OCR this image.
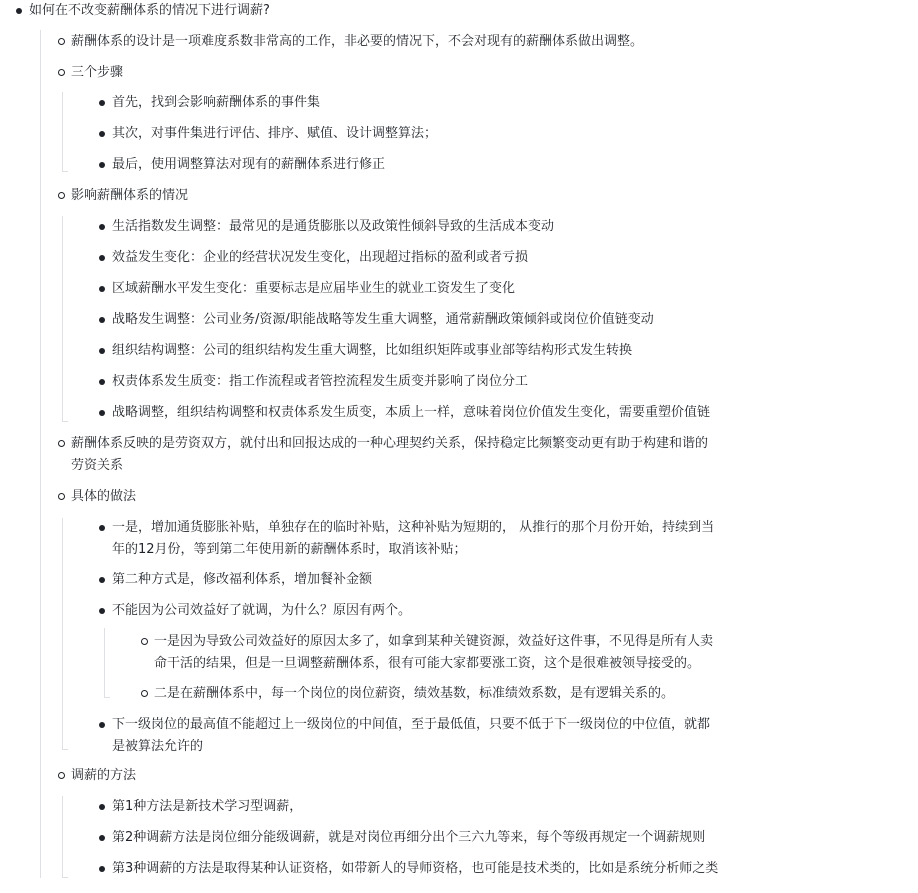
如何在不改变薪酬体系的情况下进行调薪?
薪酬体系的设计是一项难度系数非常高的工作，非必要的情况下，不会对现有的薪酬体系做出调整。
三个步骤
首先，找到会影响薪酬体系的事件集
其次，对事件集进行评估、排序、赋值、设计调整算法；
最后，使用调整算法对现有的薪酬体系进行修正
影响薪酬体系的情况
生活指数发生调整：最常见的是通货膨胀以及政策性倾斜导致的生活成本变动
效益发生变化：企业的经营状况发生变化，出现超过指标的盈利或者亏损
区域薪酬水平发生变化：重要标志是应届毕业生的就业工资发生了变化
战略发生调整：公司业务/资源/职能战略等发生重大调整，通常薪酬政策倾斜或岗位价值链变动
组织结构调整：公司的组织结构发生重大调整，比如组织矩阵或事业部等结构形式发生转换
权责体系发生质变：指工作流程或者管控流程发生质变并影响了岗位分工
战略调整，组织结构调整和权责体系发生质变，本质上一样，意味着岗位价值发生变化，需要重塑价值链
薪酬体系反映的是劳资双方，就付出和回报达成的一种心理契约关系，保持稳定比频繁变动更有助于构建和谐的
劳资关系
具体的做法
一是，增加通货膨胀补贴，单独存在的临时补贴，这种补贴为短期的， 从推行的那个月份开始，持续到当
年的12月份，等到第二年使用新的薪酬体系时，取消该补贴；
第二种方式是，修改福利体系，增加餐补金额
不能因为公司效益好了就调，为什么？原因有两个。
一是因为导致公司效益好的原因太多了，如拿到某种关键资源，效益好这件事，不见得是所有人卖
命干活的结果，但是一旦调整薪酬体系，很有可能大家都要涨工资，这个是很难被领导接受的。
二是在薪酬体系中，每一个岗位的岗位薪资，绩效基数，标准绩效系数，是有逻辑关系的。
下一级岗位的最高值不能超过上一级岗位的中间值，至于最低值，只要不低于下一级岗位的中位值，就都
是被算法允许的
调薪的方法
第1种方法是新技术学习型调薪，
第2种调薪方法是岗位细分能级调薪，就是对岗位再细分出个三六九等来，每个等级再规定一个调薪规则
第3种调薪的方法是取得某种认证资格，如带新人的导师资格，也可能是技术类的，比如是系统分析师之类
